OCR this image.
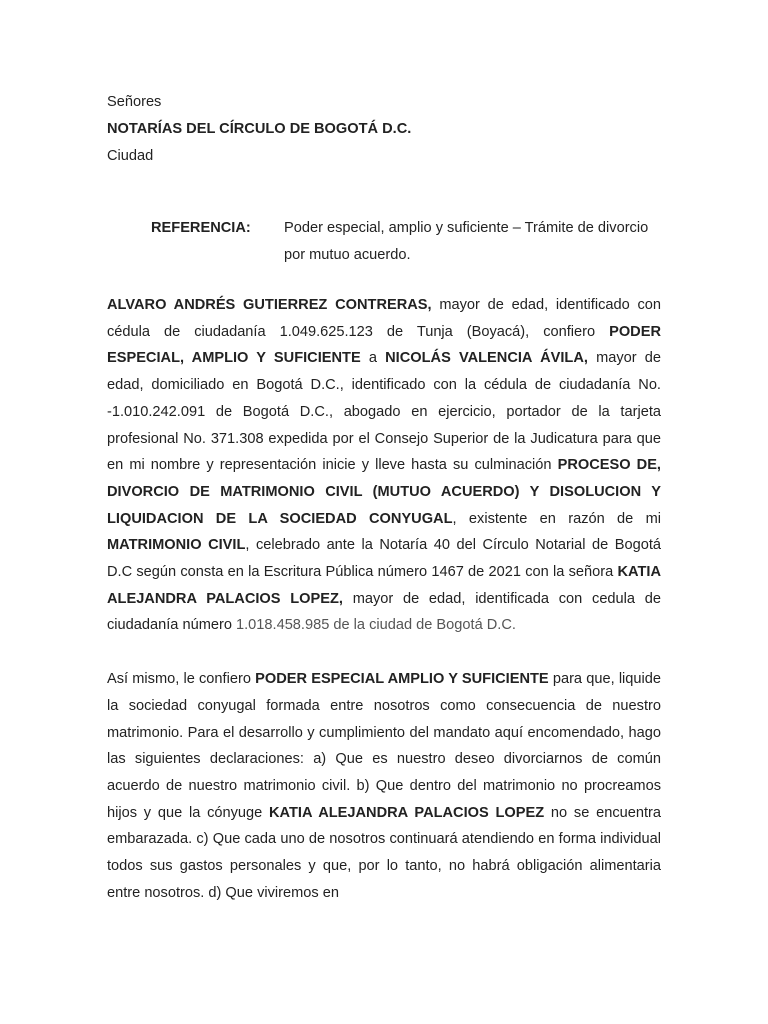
Señores
NOTARÍAS DEL CÍRCULO DE BOGOTÁ D.C.
Ciudad
REFERENCIA:	Poder especial, amplio y suficiente – Trámite de divorcio por mutuo acuerdo.

ALVARO ANDRÉS GUTIERREZ CONTRERAS, mayor de edad, identificado con cédula de ciudadanía 1.049.625.123 de Tunja (Boyacá), confiero PODER ESPECIAL, AMPLIO Y SUFICIENTE a NICOLÁS VALENCIA ÁVILA, mayor de edad, domiciliado en Bogotá D.C., identificado con la cédula de ciudadanía No. -1.010.242.091 de Bogotá D.C., abogado en ejercicio, portador de la tarjeta profesional No. 371.308 expedida por el Consejo Superior de la Judicatura para que en mi nombre y representación inicie y lleve hasta su culminación PROCESO DE, DIVORCIO DE MATRIMONIO CIVIL (MUTUO ACUERDO) Y DISOLUCION Y LIQUIDACION DE LA SOCIEDAD CONYUGAL, existente en razón de mi MATRIMONIO CIVIL, celebrado ante la Notaría 40 del Círculo Notarial de Bogotá D.C según consta en la Escritura Pública número 1467 de 2021 con la señora KATIA ALEJANDRA PALACIOS LOPEZ, mayor de edad, identificada con cedula de ciudadanía número 1.018.458.985 de la ciudad de Bogotá D.C.

Así mismo, le confiero PODER ESPECIAL AMPLIO Y SUFICIENTE para que, liquide la sociedad conyugal formada entre nosotros como consecuencia de nuestro matrimonio. Para el desarrollo y cumplimiento del mandato aquí encomendado, hago las siguientes declaraciones: a) Que es nuestro deseo divorciarnos de común acuerdo de nuestro matrimonio civil. b) Que dentro del matrimonio no procreamos hijos y que la cónyuge KATIA ALEJANDRA PALACIOS LOPEZ no se encuentra embarazada. c) Que cada uno de nosotros continuará atendiendo en forma individual todos sus gastos personales y que, por lo tanto, no habrá obligación alimentaria entre nosotros. d) Que viviremos en
